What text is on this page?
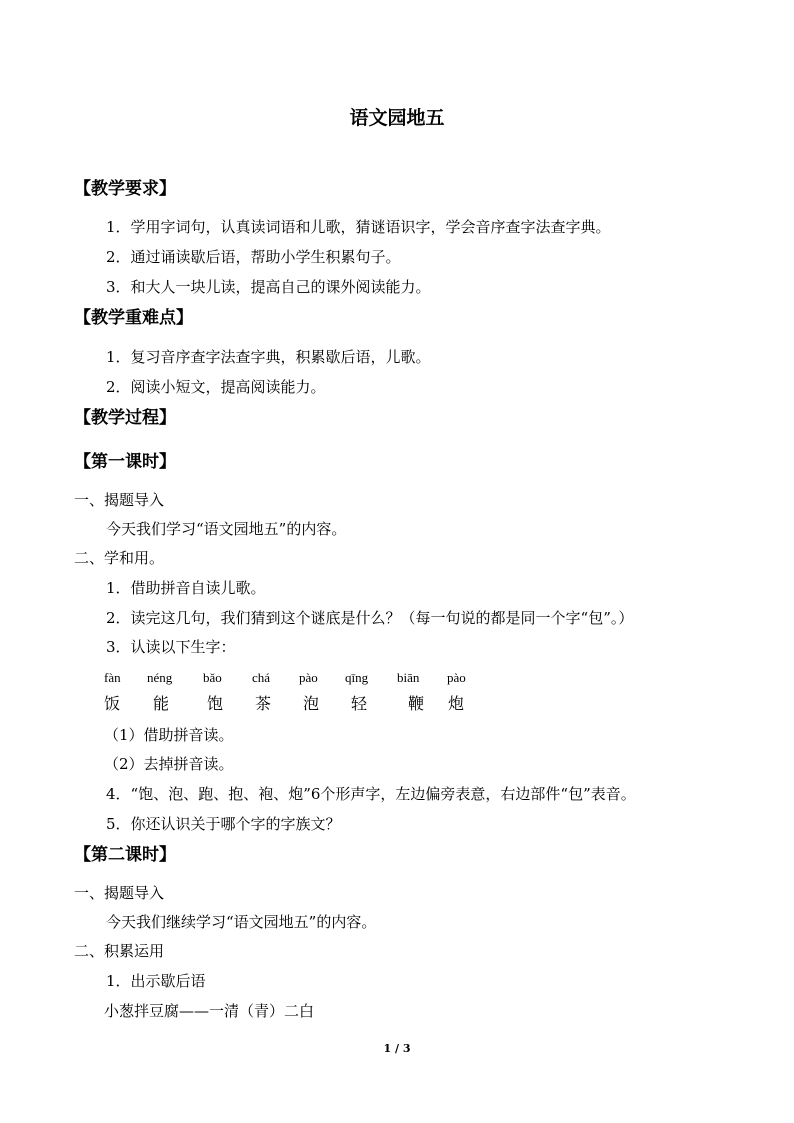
语文园地五
【教学要求】
1．学用字词句，认真读词语和儿歌，猜谜语识字，学会音序查字法查字典。
2．通过诵读歇后语，帮助小学生积累句子。
3．和大人一块儿读，提高自己的课外阅读能力。
【教学重难点】
1．复习音序查字法查字典，积累歇后语，儿歌。
2．阅读小短文，提高阅读能力。
【教学过程】
【第一课时】
一、揭题导入
今天我们学习“语文园地五”的内容。
二、学和用。
1．借助拼音自读儿歌。
2．读完这几句，我们猜到这个谜底是什么？（每一句说的都是同一个字“包”。）
3．认读以下生字：
fàn néng bǎo chá pào qīng biān pào
饭 能 饱 茶 泡 轻	鞭 炮
（1）借助拼音读。
（2）去掉拼音读。
4．“饱、泡、跑、抱、袍、炮”6个形声字，左边偏旁表意，右边部件“包”表音。
5．你还认识关于哪个字的字族文？
【第二课时】
一、揭题导入
今天我们继续学习“语文园地五”的内容。
二、积累运用
1．出示歇后语
小葱拌豆腐——一清（青）二白
1 / 3
